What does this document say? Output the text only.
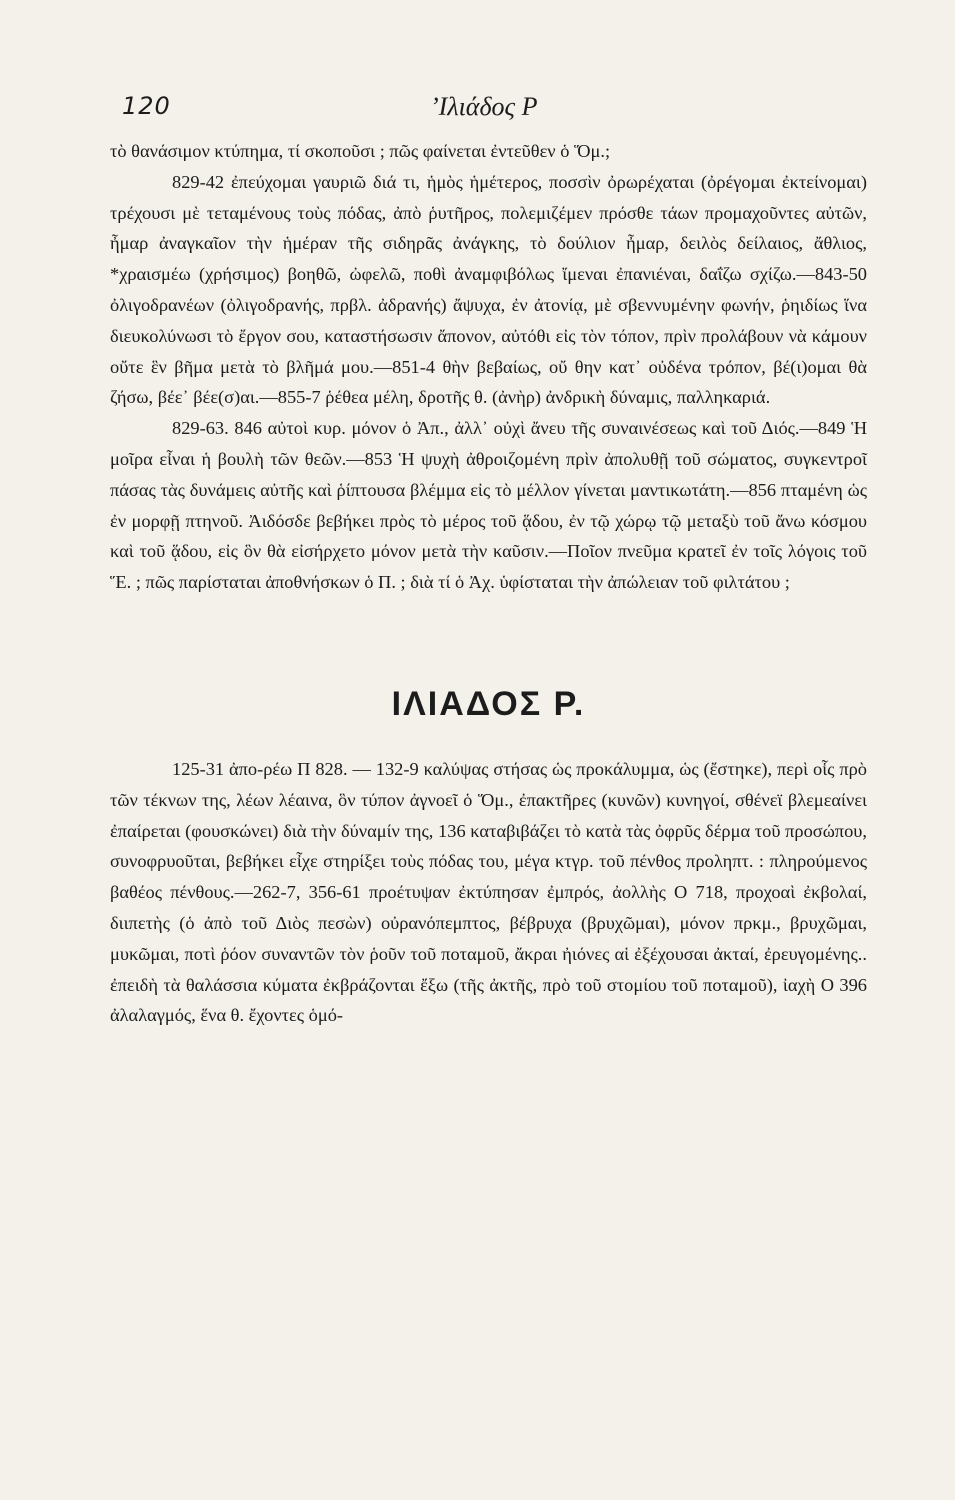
120	’Ιλιάδος Ρ

τὸ θανάσιμον κτύπημα, τί σκοποῦσι ; πῶς φαίνεται ἐντεῦθεν ὁ Ὅμ.;

829-42 ἐπεύχομαι γαυριῶ διά τι, ἡμὸς ἡμέτερος, ποσσὶν ὀρωρέχαται (ὀρέγομαι ἐκτείνομαι) τρέχουσι μὲ τεταμένους τοὺς πόδας, ἀπὸ ῥυτῆρος, πολεμιζέμεν πρόσθε τάων προμαχοῦντες αὐτῶν, ἦμαρ ἀναγκαῖον τὴν ἡμέραν τῆς σιδηρᾶς ἀνάγκης, τὸ δούλιον ἦμαρ, δειλὸς δείλαιος, ἄθλιος, *χραισμέω (χρήσιμος) βοηθῶ, ὠφελῶ, ποθὶ ἀναμφιβόλως ἴμεναι ἐπανιέναι, δαΐζω σχίζω.—843-50 ὀλιγοδρανέων (ὀλιγοδρανής, πρβλ. ἀδρανής) ἄψυχα, ἐν ἀτονίᾳ, μὲ σβεννυμένην φωνήν, ῥηιδίως ἵνα διευκολύνωσι τὸ ἔργον σου, καταστήσωσιν ἄπονον, αὐτόθι εἰς τὸν τόπον, πρὶν προλάβουν νὰ κάμουν οὔτε ἓν βῆμα μετὰ τὸ βλῆμά μου.—851-4 θὴν βεβαίως, οὔ θην κατ᾿ οὐδένα τρόπον, βέ(ι)ομαι θὰ ζήσω, βέε᾿ βέε(σ)αι.—855-7 ῥέθεα μέλη, δροτῆς θ. (ἀνὴρ) ἀνδρικὴ δύναμις, παλληκαριά.

829-63. 846 αὐτοὶ κυρ. μόνον ὁ Ἀπ., ἀλλ᾿ οὐχὶ ἄνευ τῆς συναινέσεως καὶ τοῦ Διός.—849 Ἡ μοῖρα εἶναι ἡ βουλὴ τῶν θεῶν.—853 Ἡ ψυχὴ ἀθροιζομένη πρὶν ἀπολυθῇ τοῦ σώματος, συγκεντροῖ πάσας τὰς δυνάμεις αὐτῆς καὶ ῥίπτουσα βλέμμα εἰς τὸ μέλλον γίνεται μαντικωτάτη.—856 πταμένη ὡς ἐν μορφῇ πτηνοῦ. Ἀιδόσδε βεβήκει πρὸς τὸ μέρος τοῦ ᾅδου, ἐν τῷ χώρῳ τῷ μεταξὺ τοῦ ἄνω κόσμου καὶ τοῦ ᾅδου, εἰς ὃν θὰ εἰσήρχετο μόνον μετὰ τὴν καῦσιν.—Ποῖον πνεῦμα κρατεῖ ἐν τοῖς λόγοις τοῦ Ἕ. ; πῶς παρίσταται ἀποθνήσκων ὁ Π. ; διὰ τί ὁ Ἀχ. ὑφίσταται τὴν ἀπώλειαν τοῦ φιλτάτου ;

ΙΛΙΑΔΟΣ Ρ.

125-31 ἀπο-ρέω Π 828. — 132-9 καλύψας στήσας ὡς προκάλυμμα, ὡς (ἔστηκε), περὶ οἷς πρὸ τῶν τέκνων της, λέων λέαινα, ὃν τύπον ἀγνοεῖ ὁ Ὅμ., ἐπακτῆρες (κυνῶν) κυνηγοί, σθένεϊ βλεμεαίνει ἐπαίρεται (φουσκώνει) διὰ τὴν δύναμίν της, 136 καταβιβάζει τὸ κατὰ τὰς ὀφρῦς δέρμα τοῦ προσώπου, συνοφρυοῦται, βεβήκει εἶχε στηρίξει τοὺς πόδας του, μέγα κτγρ. τοῦ πένθος προληπτ. : πληρούμενος βαθέος πένθους.—262-7, 356-61 προέτυψαν ἐκτύπησαν ἐμπρός, ἀολλὴς Ο 718, προχοαὶ ἐκβολαί, διιπετὴς (ὁ ἀπὸ τοῦ Διὸς πεσὼν) οὐρανόπεμπτος, βέβρυχα (βρυχῶμαι), μόνον πρκμ., βρυχῶμαι, μυκῶμαι, ποτὶ ῥόον συναντῶν τὸν ῥοῦν τοῦ ποταμοῦ, ἄκραι ἠιόνες αἱ ἐξέχουσαι ἀκταί, ἐρευγομένης.. ἐπειδὴ τὰ θαλάσσια κύματα ἐκβράζονται ἔξω (τῆς ἀκτῆς, πρὸ τοῦ στομίου τοῦ ποταμοῦ), ἰαχὴ Ο 396 ἀλαλαγμός, ἕνα θ. ἔχοντες ὁμό-
